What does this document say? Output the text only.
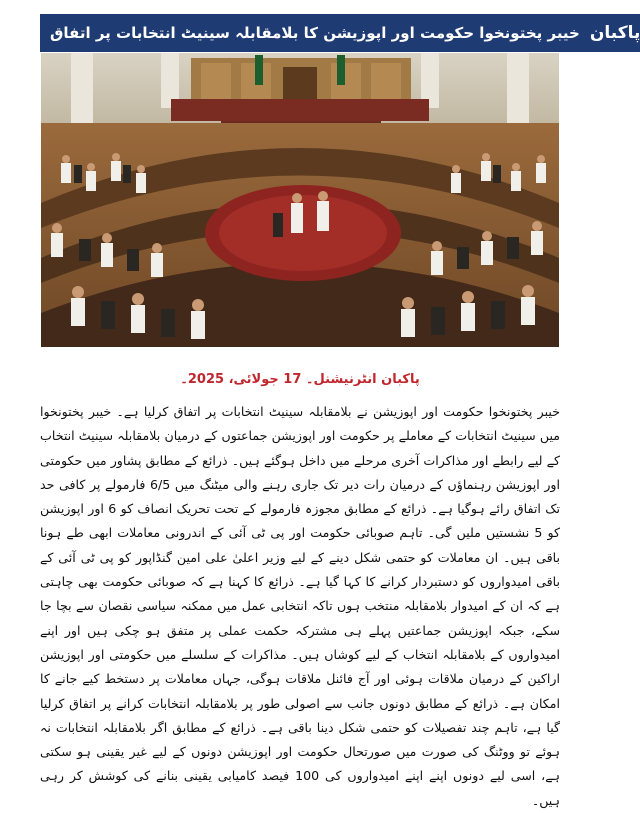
خیبر پختونخوا حکومت اور اپوزیشن کا بلامقابلہ سینیٹ انتخابات پر اتفاق پاکبان
پاکبان انٹرنیشنل۔ 17 جولائی، 2025۔
خیبر پختونخوا حکومت اور اپوزیشن نے بلامقابلہ سینیٹ انتخابات پر اتفاق کرلیا ہے۔ خیبر پختونخوا میں سینیٹ انتخابات کے معاملے پر حکومت اور اپوزیشن جماعتوں کے درمیان بلامقابلہ سینیٹ انتخاب کے لیے رابطے اور مذاکرات آخری مرحلے میں داخل ہوگئے ہیں۔ ذرائع کے مطابق پشاور میں حکومتی اور اپوزیشن رہنماؤں کے درمیان رات دیر تک جاری رہنے والی میٹنگ میں 6/5 فارمولے پر کافی حد تک اتفاق رائے ہوگیا ہے۔ ذرائع کے مطابق مجوزہ فارمولے کے تحت تحریک انصاف کو 6 اور اپوزیشن کو 5 نشستیں ملیں گی۔ تاہم صوبائی حکومت اور پی ٹی آئی کے اندرونی معاملات ابھی طے ہونا باقی ہیں۔ ان معاملات کو حتمی شکل دینے کے لیے وزیر اعلیٰ علی امین گنڈاپور کو پی ٹی آئی کے باقی امیدواروں کو دستبردار کرانے کا کہا گیا ہے۔ ذرائع کا کہنا ہے کہ صوبائی حکومت بھی چاہتی ہے کہ ان کے امیدوار بلامقابلہ منتخب ہوں تاکہ انتخابی عمل میں ممکنہ سیاسی نقصان سے بچا جا سکے، جبکہ اپوزیشن جماعتیں پہلے ہی مشترکہ حکمت عملی پر متفق ہو چکی ہیں اور اپنے امیدواروں کے بلامقابلہ انتخاب کے لیے کوشاں ہیں۔ مذاکرات کے سلسلے میں حکومتی اور اپوزیشن اراکین کے درمیان ملاقات ہوئی اور آج فائنل ملاقات ہوگی، جہاں معاملات پر دستخط کیے جانے کا امکان ہے۔ ذرائع کے مطابق دونوں جانب سے اصولی طور پر بلامقابلہ انتخابات کرانے پر اتفاق کرلیا گیا ہے، تاہم چند تفصیلات کو حتمی شکل دینا باقی ہے۔ ذرائع کے مطابق اگر بلامقابلہ انتخابات نہ ہوئے تو ووٹنگ کی صورت میں صورتحال حکومت اور اپوزیشن دونوں کے لیے غیر یقینی ہو سکتی ہے، اسی لیے دونوں اپنے اپنے امیدواروں کی 100 فیصد کامیابی یقینی بنانے کی کوشش کر رہی ہیں۔
